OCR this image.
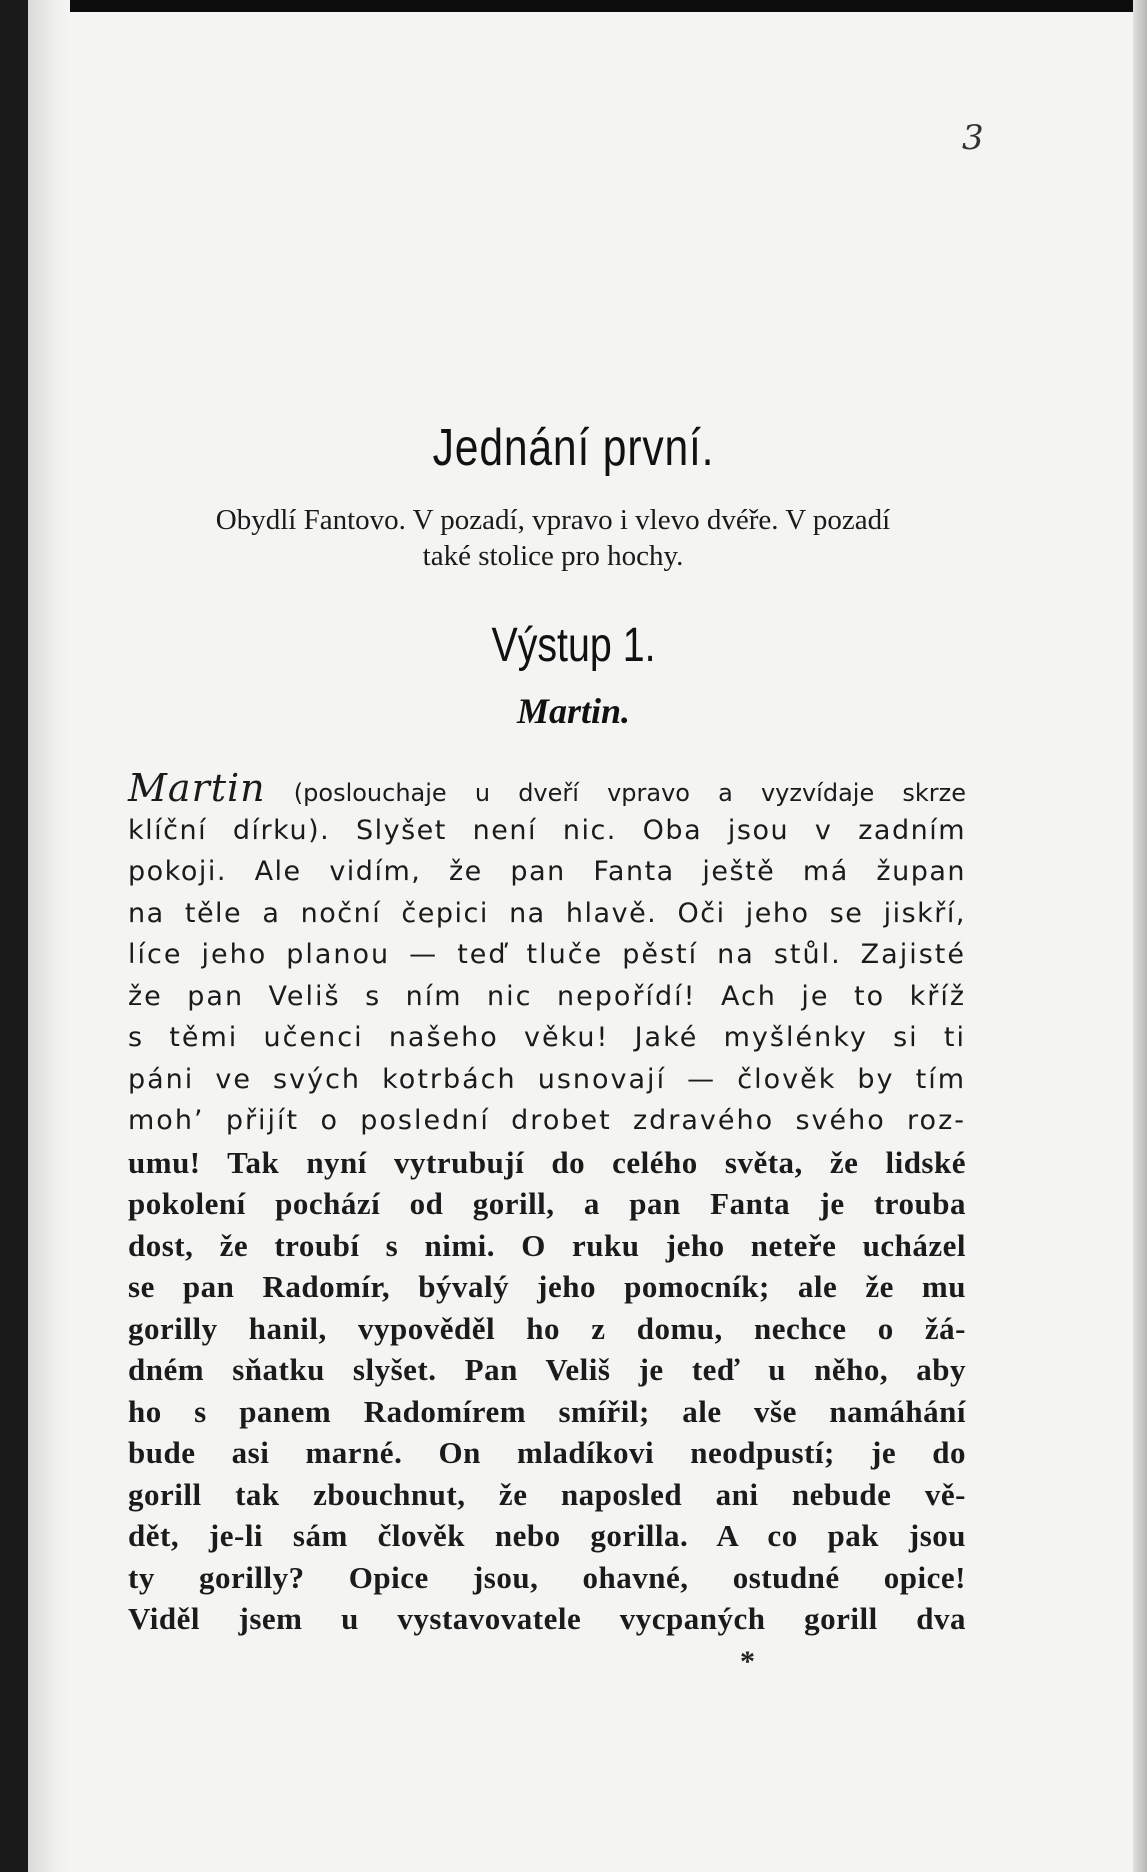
3
Jednání první.
Obydlí Fantovo. V pozadí, vpravo i vlevo dvéře. V pozadí
také stolice pro hochy.
Výstup 1.
Martin.
Martin (poslouchaje u dveří vpravo a vyzvídaje skrze
klíční dírku). Slyšet není nic. Oba jsou v zadním
pokoji. Ale vidím, že pan Fanta ještě má župan
na těle a noční čepici na hlavě. Oči jeho se jiskří,
líce jeho planou — teď tluče pěstí na stůl. Zajisté
že pan Veliš s ním nic nepořídí! Ach je to kříž
s těmi učenci našeho věku! Jaké myšlénky si ti
páni ve svých kotrbách usnovají — člověk by tím
moh’ přijít o poslední drobet zdravého svého roz-
umu! Tak nyní vytrubují do celého světa, že lidské
pokolení pochází od gorill, a pan Fanta je trouba
dost, že troubí s nimi. O ruku jeho neteře ucházel
se pan Radomír, bývalý jeho pomocník; ale že mu
gorilly hanil, vypověděl ho z domu, nechce o žá-
dném sňatku slyšet. Pan Veliš je teď u něho, aby
ho s panem Radomírem smířil; ale vše namáhání
bude asi marné. On mladíkovi neodpustí; je do
gorill tak zbouchnut, že naposled ani nebude vě-
dět, je-li sám člověk nebo gorilla. A co pak jsou
ty gorilly? Opice jsou, ohavné, ostudné opice!
Viděl jsem u vystavovatele vycpaných gorill dva
*
